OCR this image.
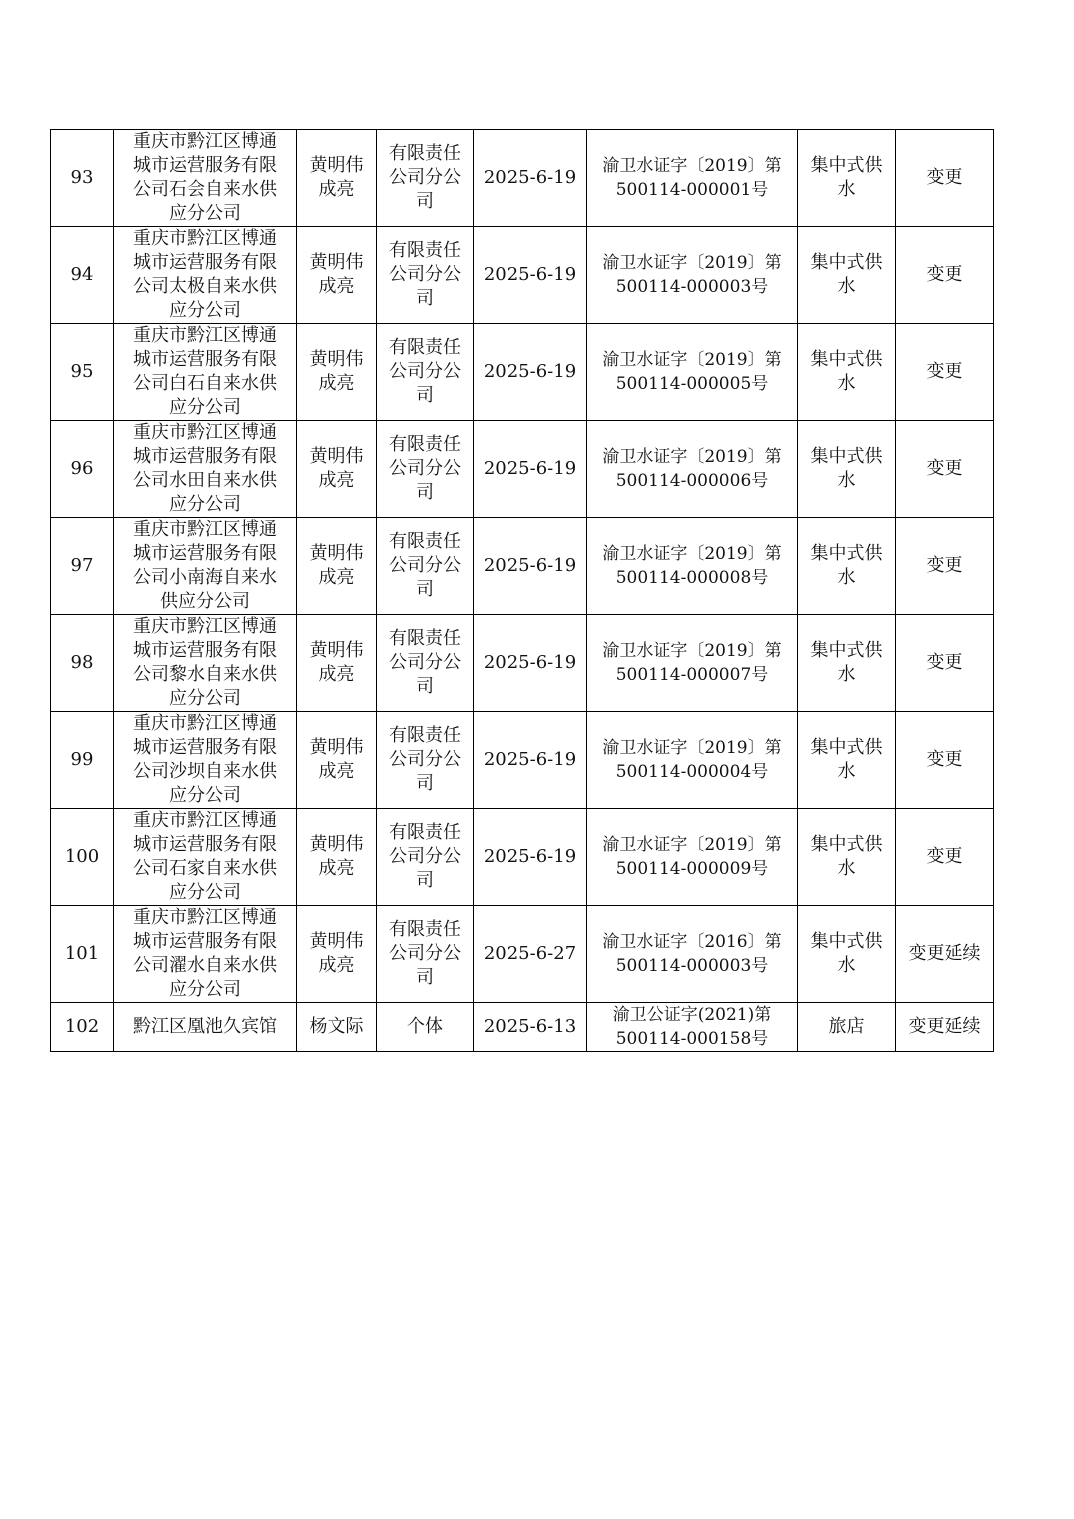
93	重庆市黔江区博通
城市运营服务有限
公司石会自来水供
应分公司	黄明伟
成亮	有限责任
公司分公
司	2025-6-19	渝卫水证字〔2019〕第
500114-000001号	集中式供
水	变更
94	重庆市黔江区博通
城市运营服务有限
公司太极自来水供
应分公司	黄明伟
成亮	有限责任
公司分公
司	2025-6-19	渝卫水证字〔2019〕第
500114-000003号	集中式供
水	变更
95	重庆市黔江区博通
城市运营服务有限
公司白石自来水供
应分公司	黄明伟
成亮	有限责任
公司分公
司	2025-6-19	渝卫水证字〔2019〕第
500114-000005号	集中式供
水	变更
96	重庆市黔江区博通
城市运营服务有限
公司水田自来水供
应分公司	黄明伟
成亮	有限责任
公司分公
司	2025-6-19	渝卫水证字〔2019〕第
500114-000006号	集中式供
水	变更
97	重庆市黔江区博通
城市运营服务有限
公司小南海自来水
供应分公司	黄明伟
成亮	有限责任
公司分公
司	2025-6-19	渝卫水证字〔2019〕第
500114-000008号	集中式供
水	变更
98	重庆市黔江区博通
城市运营服务有限
公司黎水自来水供
应分公司	黄明伟
成亮	有限责任
公司分公
司	2025-6-19	渝卫水证字〔2019〕第
500114-000007号	集中式供
水	变更
99	重庆市黔江区博通
城市运营服务有限
公司沙坝自来水供
应分公司	黄明伟
成亮	有限责任
公司分公
司	2025-6-19	渝卫水证字〔2019〕第
500114-000004号	集中式供
水	变更
100	重庆市黔江区博通
城市运营服务有限
公司石家自来水供
应分公司	黄明伟
成亮	有限责任
公司分公
司	2025-6-19	渝卫水证字〔2019〕第
500114-000009号	集中式供
水	变更
101	重庆市黔江区博通
城市运营服务有限
公司濯水自来水供
应分公司	黄明伟
成亮	有限责任
公司分公
司	2025-6-27	渝卫水证字〔2016〕第
500114-000003号	集中式供
水	变更延续
102	黔江区凰池久宾馆	杨文际	个体	2025-6-13	渝卫公证字(2021)第
500114-000158号	旅店	变更延续
